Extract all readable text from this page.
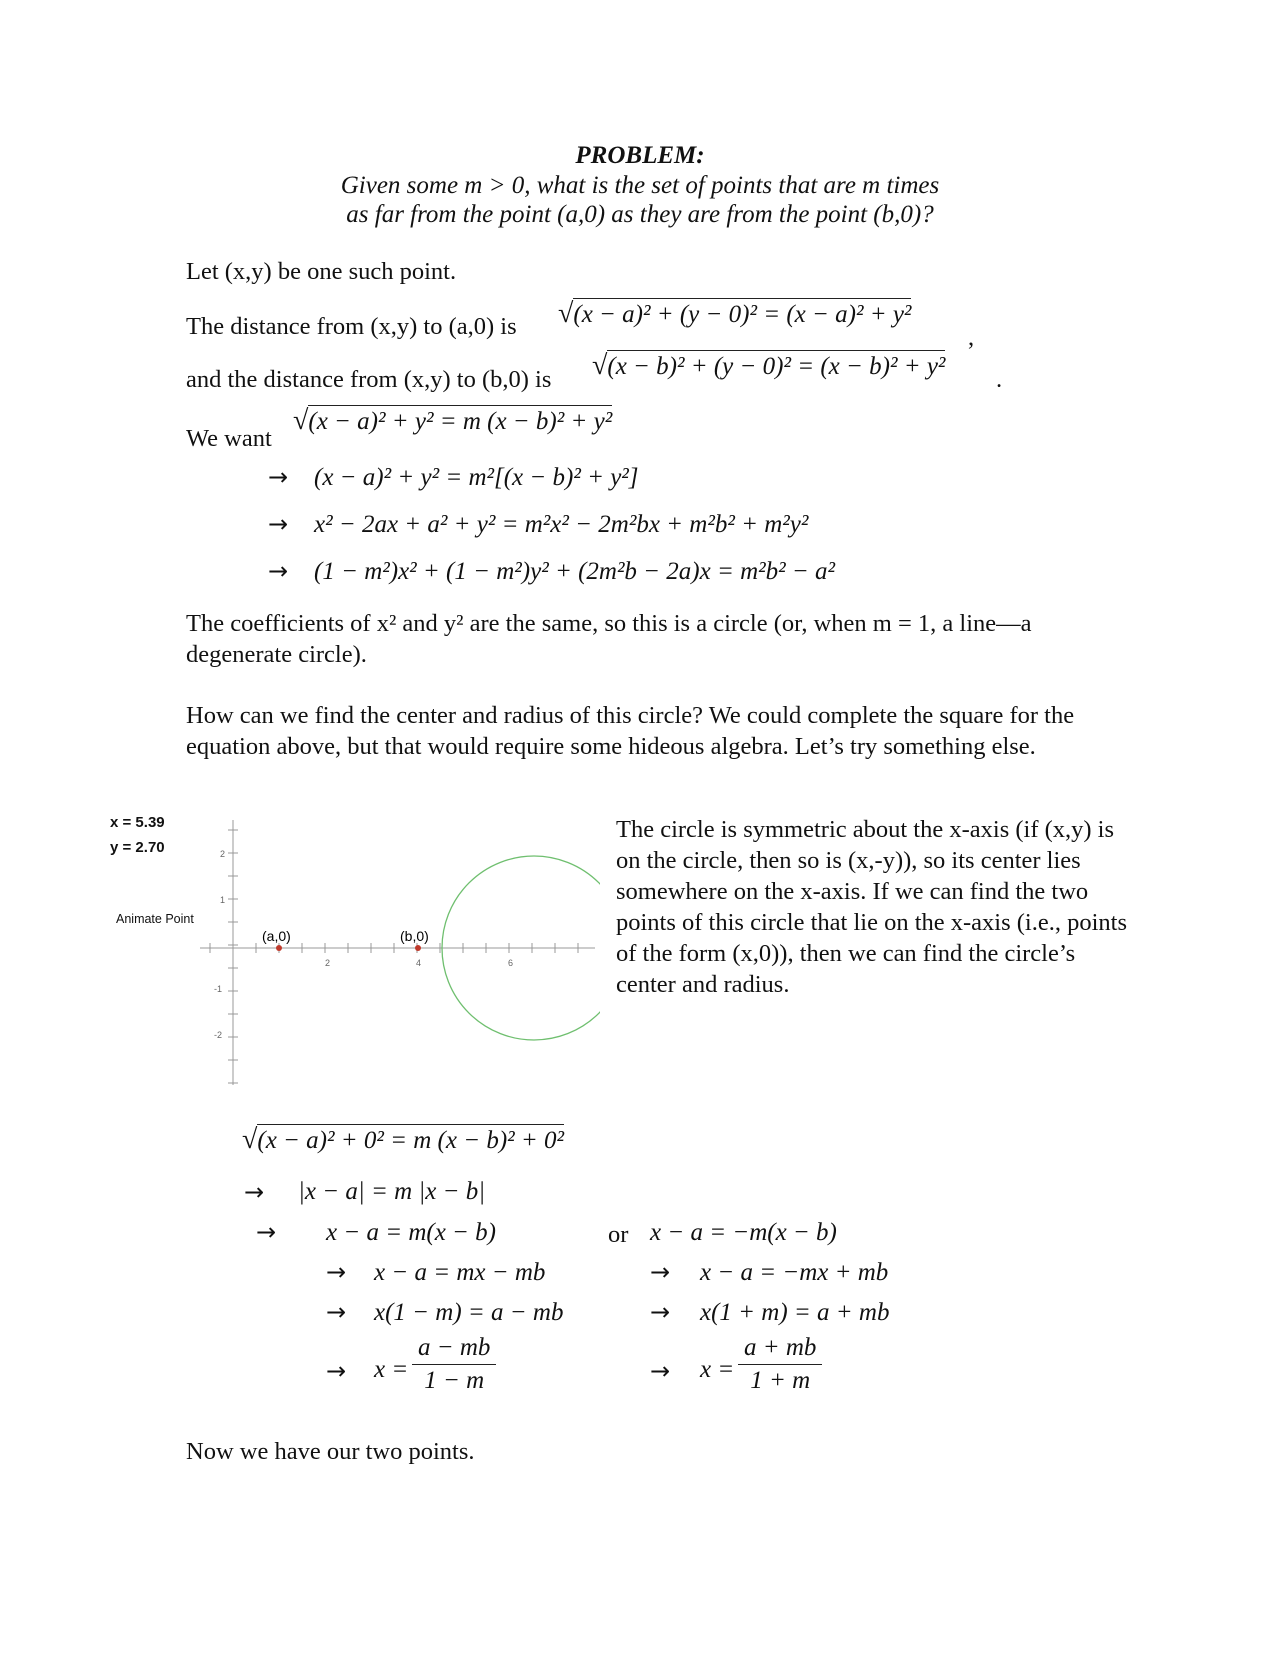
PROBLEM:
Given some m > 0, what is the set of points that are m times
as far from the point (a,0) as they are from the point (b,0)?
Let (x,y) be one such point.
The distance from (x,y) to (a,0) is √(x − a)² + (y − 0)² = (x − a)² + y²
,
and the distance from (x,y) to (b,0) is √(x − b)² + (y − 0)² = (x − b)² + y² .
We want
√(x − a)² + y² = m (x − b)² + y²
→ (x − a)² + y² = m²[(x − b)² + y²]
→ x² − 2ax + a² + y² = m²x² − 2m²bx + m²b² + m²y²
→ (1 − m²)x² + (1 − m²)y² + (2m²b − 2a)x = m²b² − a²
The coefficients of x² and y² are the same, so this is a circle (or, when m = 1, a line—a degenerate circle).
How can we find the center and radius of this circle? We could complete the square for the equation above, but that would require some hideous algebra. Let’s try something else.
x = 5.39
y = 2.70
Animate Point
(a,0)	(b,0)
2	4	6
2
1
-1
-2
The circle is symmetric about the x-axis (if (x,y) is on the circle, then so is (x,-y)), so its center lies somewhere on the x-axis. If we can find the two points of this circle that lie on the x-axis (i.e., points of the form (x,0)), then we can find the circle’s center and radius.
√(x − a)² + 0² = m (x − b)² + 0²
→ |x − a| = m |x − b|
→ x − a = m(x − b)	or x − a = −m(x − b)
→ x − a = mx − mb	→ x − a = −mx + mb
→ x(1 − m) = a − mb	→ x(1 + m) = a + mb
→ $x = \frac{a - mb}{1 - m}$	→ $x = \frac{a + mb}{1 + m}$
Now we have our two points.
